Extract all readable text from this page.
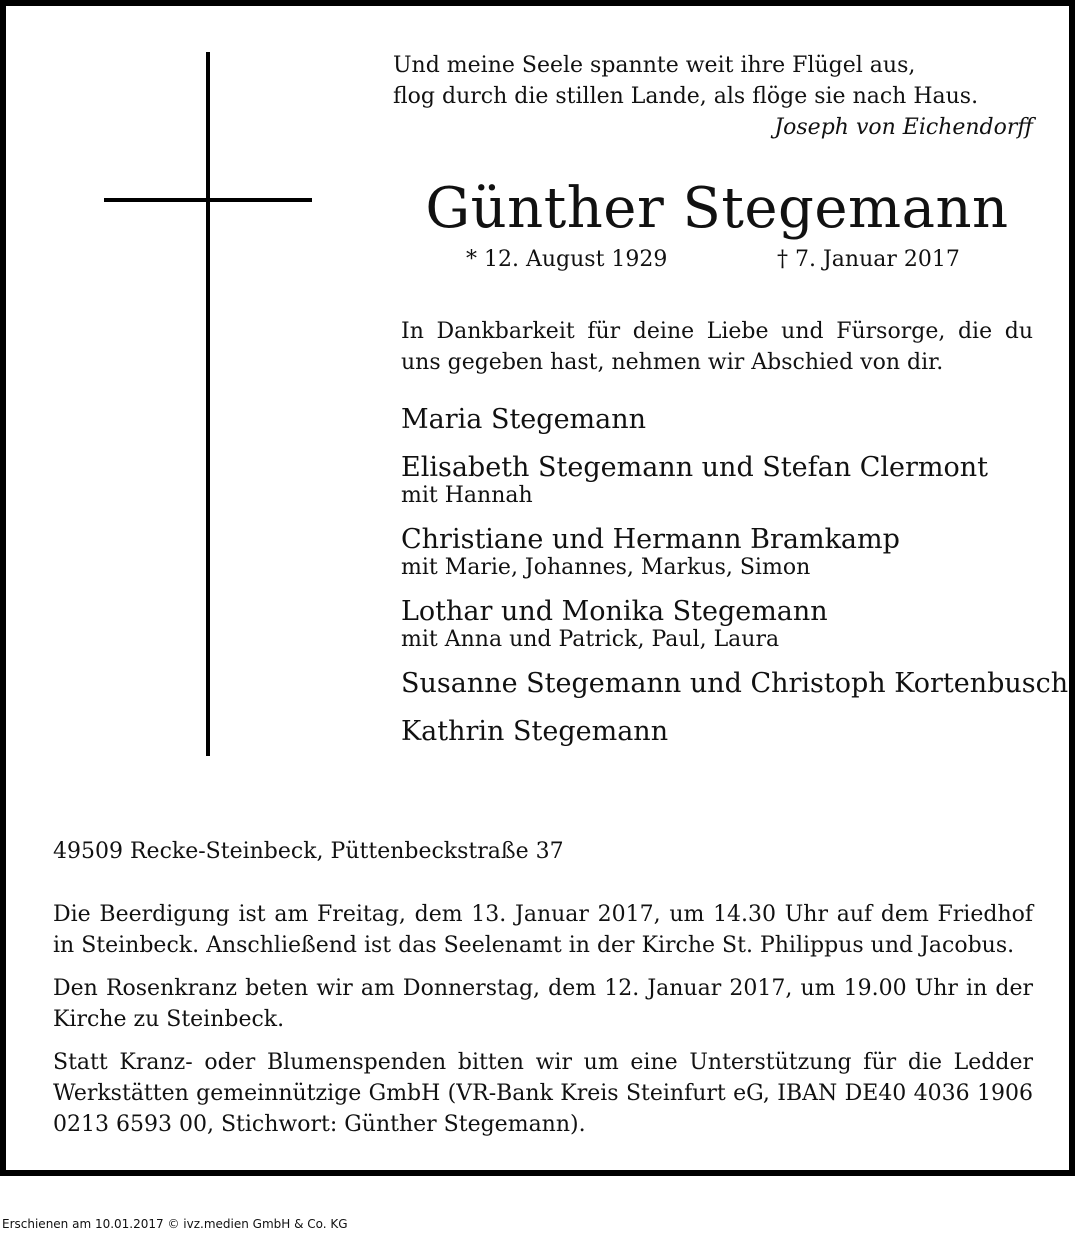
Und meine Seele spannte weit ihre Flügel aus,
flog durch die stillen Lande, als flöge sie nach Haus.
Joseph von Eichendorff
Günther Stegemann
* 12. August 1929	† 7. Januar 2017
In Dankbarkeit für deine Liebe und Fürsorge, die du uns gegeben hast, nehmen wir Abschied von dir.
Maria Stegemann
Elisabeth Stegemann und Stefan Clermont
mit Hannah
Christiane und Hermann Bramkamp
mit Marie, Johannes, Markus, Simon
Lothar und Monika Stegemann
mit Anna und Patrick, Paul, Laura
Susanne Stegemann und Christoph Kortenbusch
Kathrin Stegemann
49509 Recke-Steinbeck, Püttenbeckstraße 37

Die Beerdigung ist am Freitag, dem 13. Januar 2017, um 14.30 Uhr auf dem Friedhof in Steinbeck. Anschließend ist das Seelenamt in der Kirche St. Philippus und Jacobus.

Den Rosenkranz beten wir am Donnerstag, dem 12. Januar 2017, um 19.00 Uhr in der Kirche zu Steinbeck.

Statt Kranz- oder Blumenspenden bitten wir um eine Unterstützung für die Ledder Werkstätten gemeinnützige GmbH (VR-Bank Kreis Steinfurt eG, IBAN DE40 4036 1906 0213 6593 00, Stichwort: Günther Stegemann).

Erschienen am 10.01.2017 © ivz.medien GmbH & Co. KG
